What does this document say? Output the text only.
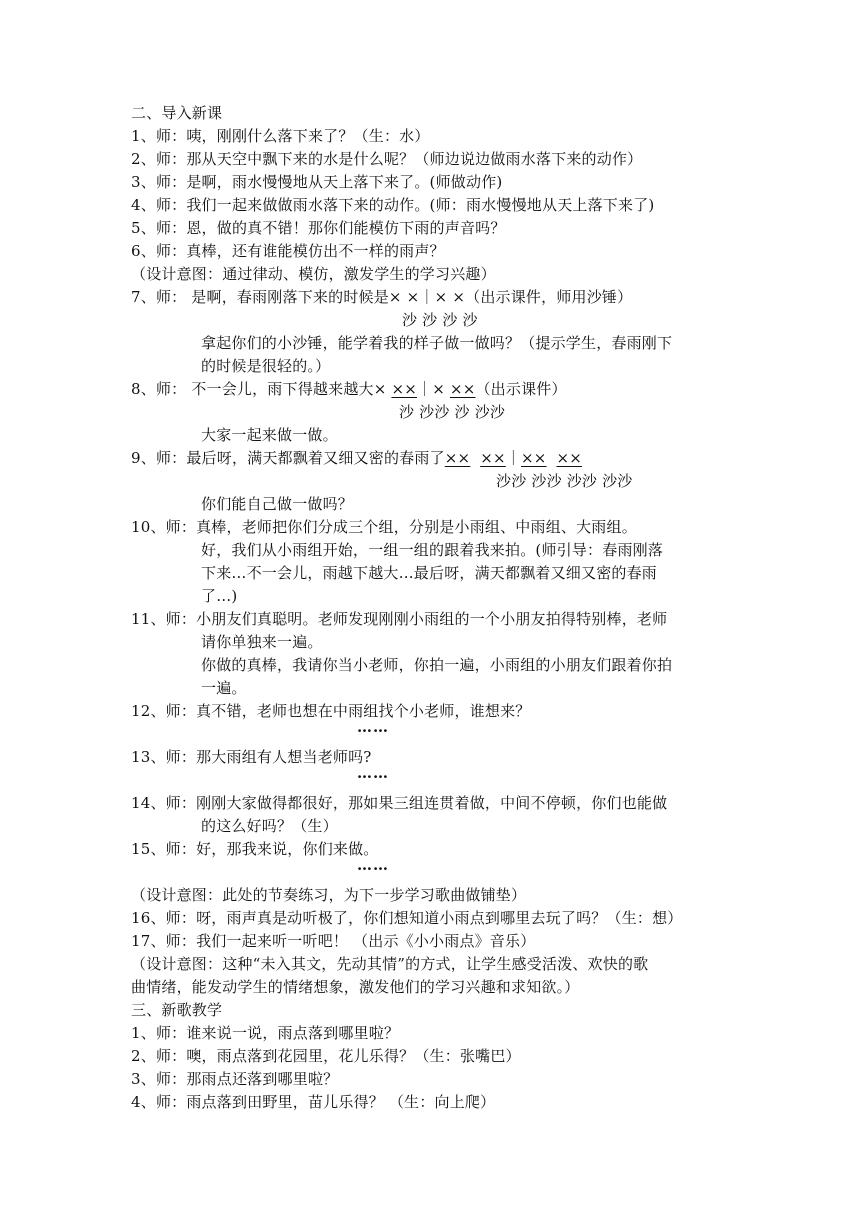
二、导入新课
1、师：咦，刚刚什么落下来了？（生：水）
2、师：那从天空中飘下来的水是什么呢？（师边说边做雨水落下来的动作）
3、师：是啊，雨水慢慢地从天上落下来了。(师做动作)
4、师：我们一起来做做雨水落下来的动作。(师：雨水慢慢地从天上落下来了)
5、师：恩，做的真不错！那你们能模仿下雨的声音吗？
6、师：真棒，还有谁能模仿出不一样的雨声？
（设计意图：通过律动、模仿，激发学生的学习兴趣）
7、师： 是啊，春雨刚落下来的时候是× ×｜× ×（出示课件，师用沙锤）
沙 沙 沙 沙
拿起你们的小沙锤，能学着我的样子做一做吗？（提示学生，春雨刚下
的时候是很轻的。）
8、师： 不一会儿，雨下得越来越大× ××｜× ××（出示课件）
沙 沙沙 沙 沙沙
大家一起来做一做。
9、师：最后呀，满天都飘着又细又密的春雨了×× ××｜×× ××
沙沙 沙沙 沙沙 沙沙
你们能自己做一做吗？
10、师：真棒，老师把你们分成三个组，分别是小雨组、中雨组、大雨组。
好，我们从小雨组开始，一组一组的跟着我来拍。(师引导：春雨刚落
下来…不一会儿，雨越下越大…最后呀，满天都飘着又细又密的春雨
了…)
11、师：小朋友们真聪明。老师发现刚刚小雨组的一个小朋友拍得特别棒，老师
请你单独来一遍。
你做的真棒，我请你当小老师，你拍一遍，小雨组的小朋友们跟着你拍
一遍。
12、师：真不错，老师也想在中雨组找个小老师，谁想来？
……
13、师：那大雨组有人想当老师吗?
……
14、师：刚刚大家做得都很好，那如果三组连贯着做，中间不停顿，你们也能做
的这么好吗？（生）
15、师：好，那我来说，你们来做。
……
（设计意图：此处的节奏练习，为下一步学习歌曲做铺垫）
16、师：呀，雨声真是动听极了，你们想知道小雨点到哪里去玩了吗？（生：想）
17、师：我们一起来听一听吧！ （出示《小小雨点》音乐）
（设计意图：这种“未入其文，先动其情”的方式，让学生感受活泼、欢快的歌
曲情绪，能发动学生的情绪想象，激发他们的学习兴趣和求知欲。）
三、新歌教学
1、师：谁来说一说，雨点落到哪里啦？
2、师：噢，雨点落到花园里，花儿乐得？（生：张嘴巴）
3、师：那雨点还落到哪里啦？
4、师：雨点落到田野里，苗儿乐得？ （生：向上爬）
